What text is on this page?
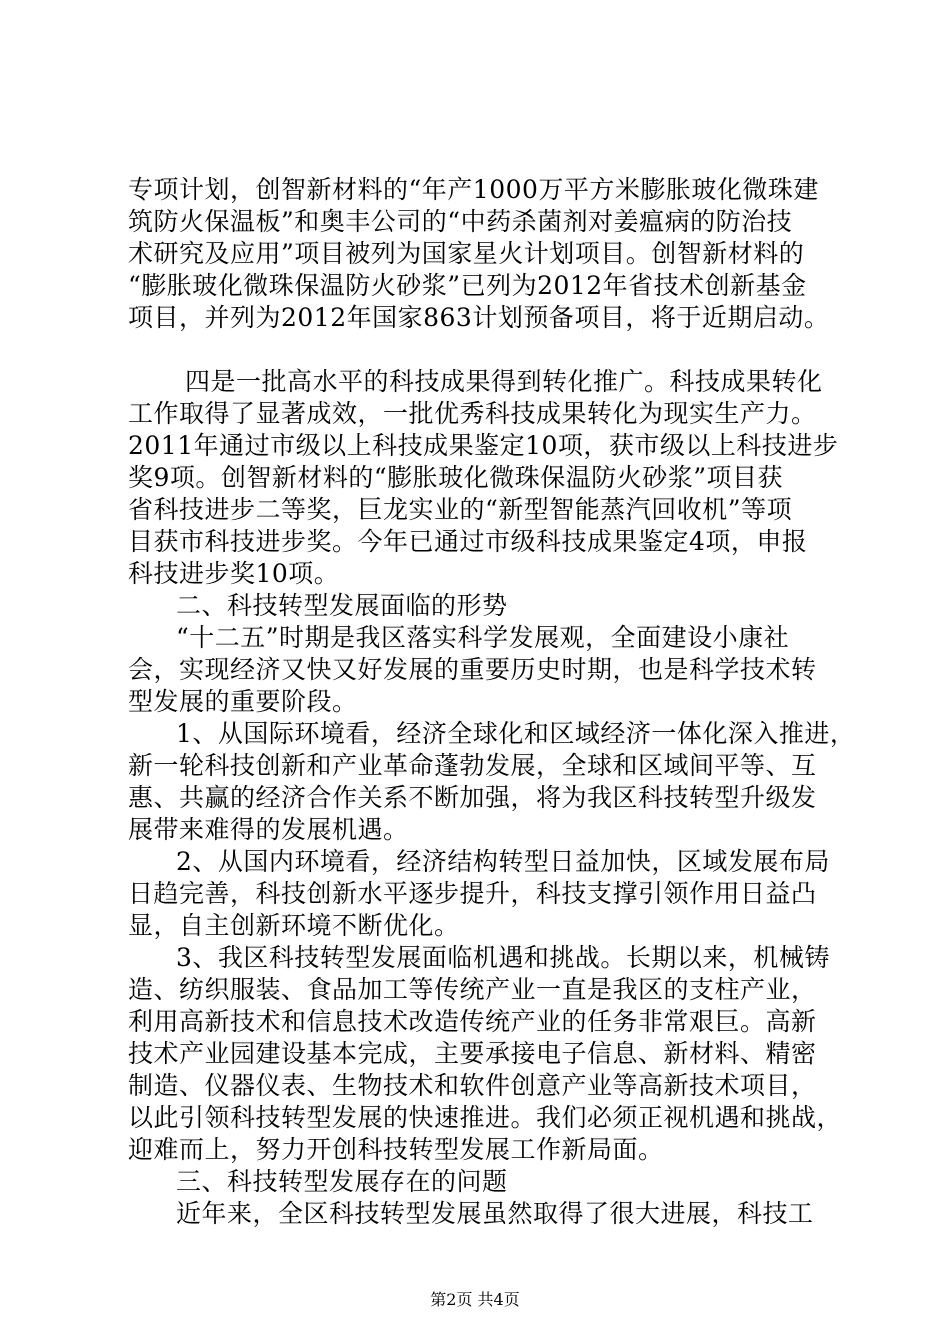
专项计划，创智新材料的“年产1000万平方米膨胀玻化微珠建
筑防火保温板”和奥丰公司的“中药杀菌剂对姜瘟病的防治技
术研究及应用”项目被列为国家星火计划项目。创智新材料的
“膨胀玻化微珠保温防火砂浆”已列为2012年省技术创新基金
项目，并列为2012年国家863计划预备项目，将于近期启动。
四是一批高水平的科技成果得到转化推广。科技成果转化
工作取得了显著成效，一批优秀科技成果转化为现实生产力。
2011年通过市级以上科技成果鉴定10项，获市级以上科技进步
奖9项。创智新材料的“膨胀玻化微珠保温防火砂浆”项目获
省科技进步二等奖，巨龙实业的“新型智能蒸汽回收机”等项
目获市科技进步奖。今年已通过市级科技成果鉴定4项，申报
科技进步奖10项。
二、科技转型发展面临的形势
“十二五”时期是我区落实科学发展观，全面建设小康社
会，实现经济又快又好发展的重要历史时期，也是科学技术转
型发展的重要阶段。
1、从国际环境看，经济全球化和区域经济一体化深入推进，
新一轮科技创新和产业革命蓬勃发展，全球和区域间平等、互
惠、共赢的经济合作关系不断加强，将为我区科技转型升级发
展带来难得的发展机遇。
2、从国内环境看，经济结构转型日益加快，区域发展布局
日趋完善，科技创新水平逐步提升，科技支撑引领作用日益凸
显，自主创新环境不断优化。
3、我区科技转型发展面临机遇和挑战。长期以来，机械铸
造、纺织服装、食品加工等传统产业一直是我区的支柱产业，
利用高新技术和信息技术改造传统产业的任务非常艰巨。高新
技术产业园建设基本完成，主要承接电子信息、新材料、精密
制造、仪器仪表、生物技术和软件创意产业等高新技术项目，
以此引领科技转型发展的快速推进。我们必须正视机遇和挑战，
迎难而上，努力开创科技转型发展工作新局面。
三、科技转型发展存在的问题
近年来，全区科技转型发展虽然取得了很大进展，科技工
第2页 共4页
